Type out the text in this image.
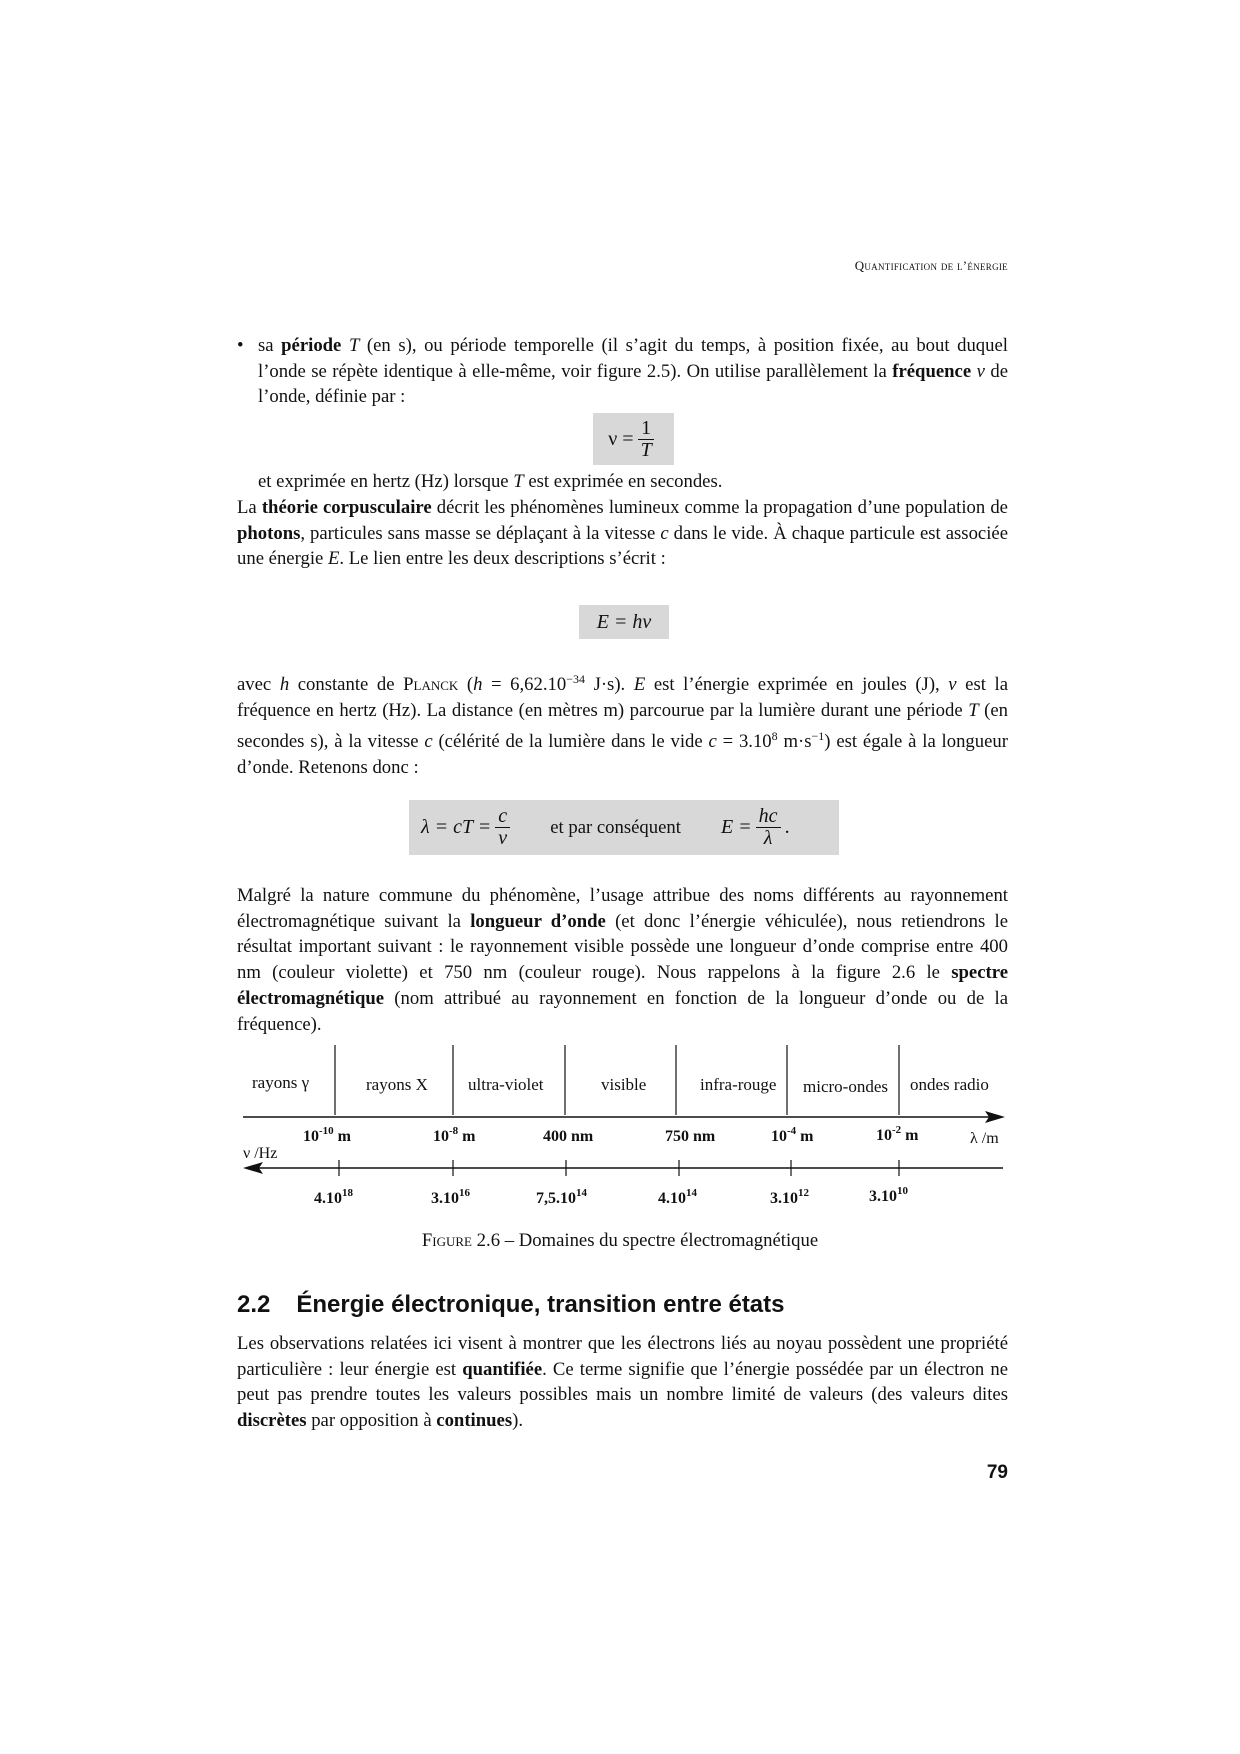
Quantification de l’énergie
• sa période T (en s), ou période temporelle (il s’agit du temps, à position fixée, au bout duquel l’onde se répète identique à elle-même, voir figure 2.5). On utilise parallèlement la fréquence ν de l’onde, définie par :
$\nu = \frac{1}{T}$
et exprimée en hertz (Hz) lorsque T est exprimée en secondes.
La théorie corpusculaire décrit les phénomènes lumineux comme la propagation d’une population de photons, particules sans masse se déplaçant à la vitesse c dans le vide. À chaque particule est associée une énergie E. Le lien entre les deux descriptions s’écrit :
E = hν
avec h constante de Planck ($h = 6,62.10^{-34}$ J·s). E est l’énergie exprimée en joules (J), ν est la fréquence en hertz (Hz). La distance (en mètres m) parcourue par la lumière durant une période T (en secondes s), à la vitesse c (célérité de la lumière dans le vide $c = 3.10^8$ $m\cdot s^{-1}$) est égale à la longueur d’onde. Retenons donc :
λ = cT = $\frac{c}{\nu}$ et par conséquent $E = \frac{hc}{\lambda}$ .
Malgré la nature commune du phénomène, l’usage attribue des noms différents au rayonnement électromagnétique suivant la longueur d’onde (et donc l’énergie véhiculée), nous retiendrons le résultat important suivant : le rayonnement visible possède une longueur d’onde comprise entre 400 nm (couleur violette) et 750 nm (couleur rouge). Nous rappelons à la figure 2.6 le spectre électromagnétique (nom attribué au rayonnement en fonction de la longueur d’onde ou de la fréquence).
rayons γ	rayons X ultra-violet	visible	infra-rouge micro-ondes ondes radio
$10^{-10}$ m	$10^{-8}$ m	400 nm	750 nm	$10^{-4}$ m	$10^{-2}$ m	λ /m
ν /Hz
4.10$^{18}$	3.10$^{16}$	7,5.10$^{14}$	4.10$^{14}$	3.10$^{12}$	3.10$^{10}$
Figure 2.6 – Domaines du spectre électromagnétique
2.2 Énergie électronique, transition entre états
Les observations relatées ici visent à montrer que les électrons liés au noyau possèdent une propriété particulière : leur énergie est quantifiée. Ce terme signifie que l’énergie possédée par un électron ne peut pas prendre toutes les valeurs possibles mais un nombre limité de valeurs (des valeurs dites discrètes par opposition à continues).
79
